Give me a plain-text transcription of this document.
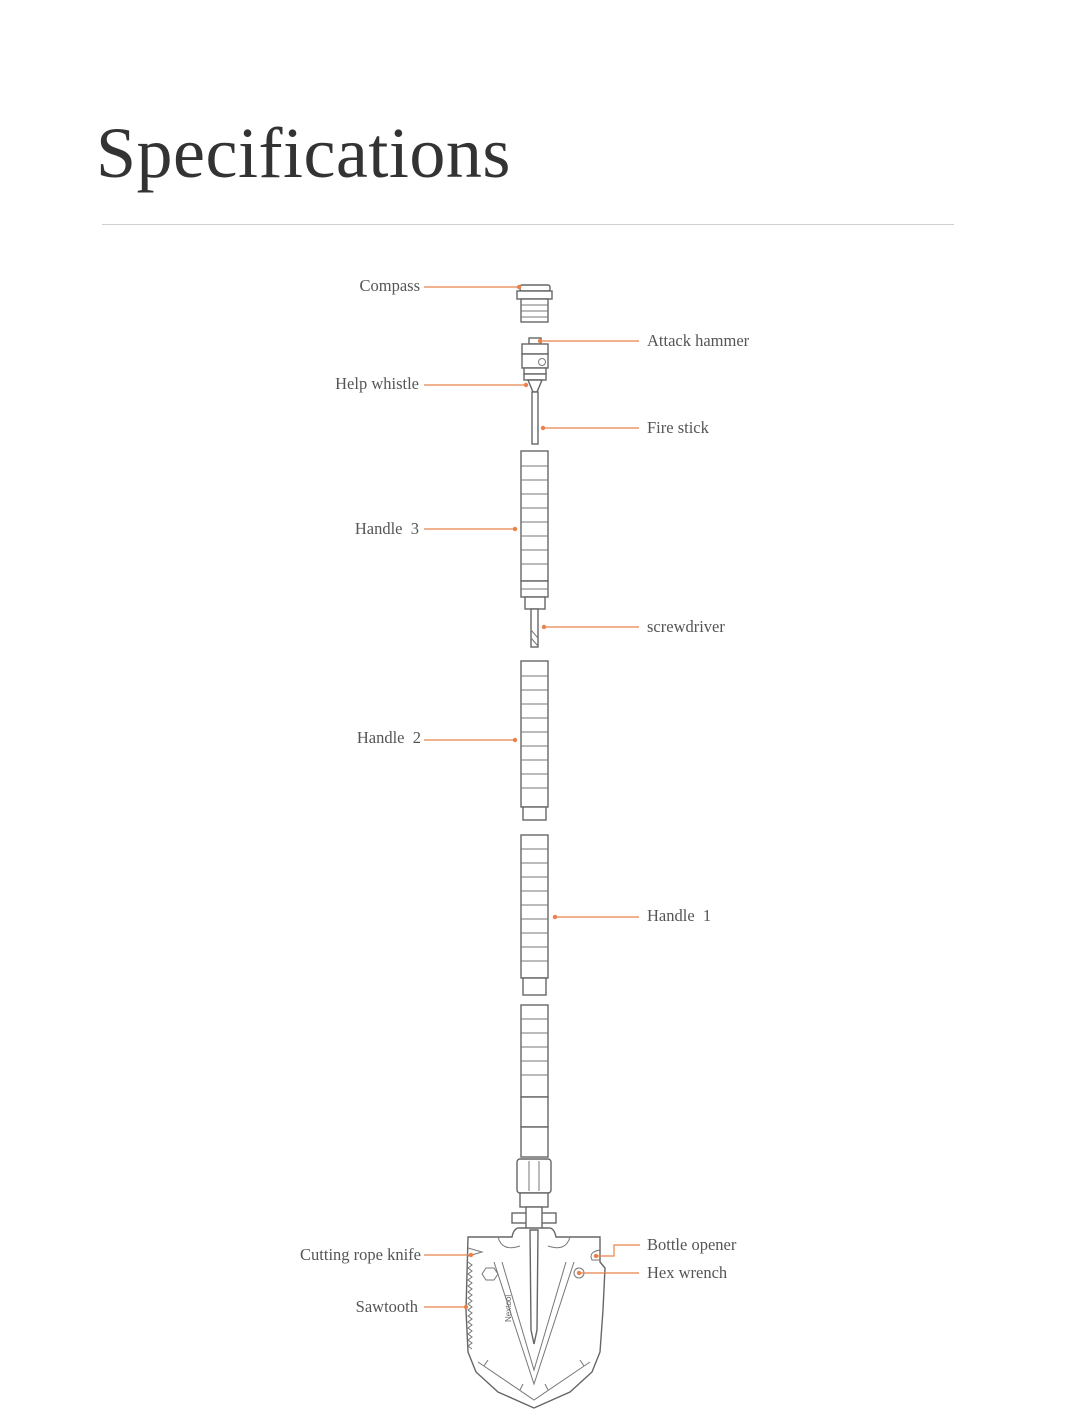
Specifications
Nextool
Compass
Attack hammer
Help whistle
Fire stick
Handle  3
screwdriver
Handle  2
Handle  1
Cutting rope knife
Bottle opener
Hex wrench
Sawtooth
